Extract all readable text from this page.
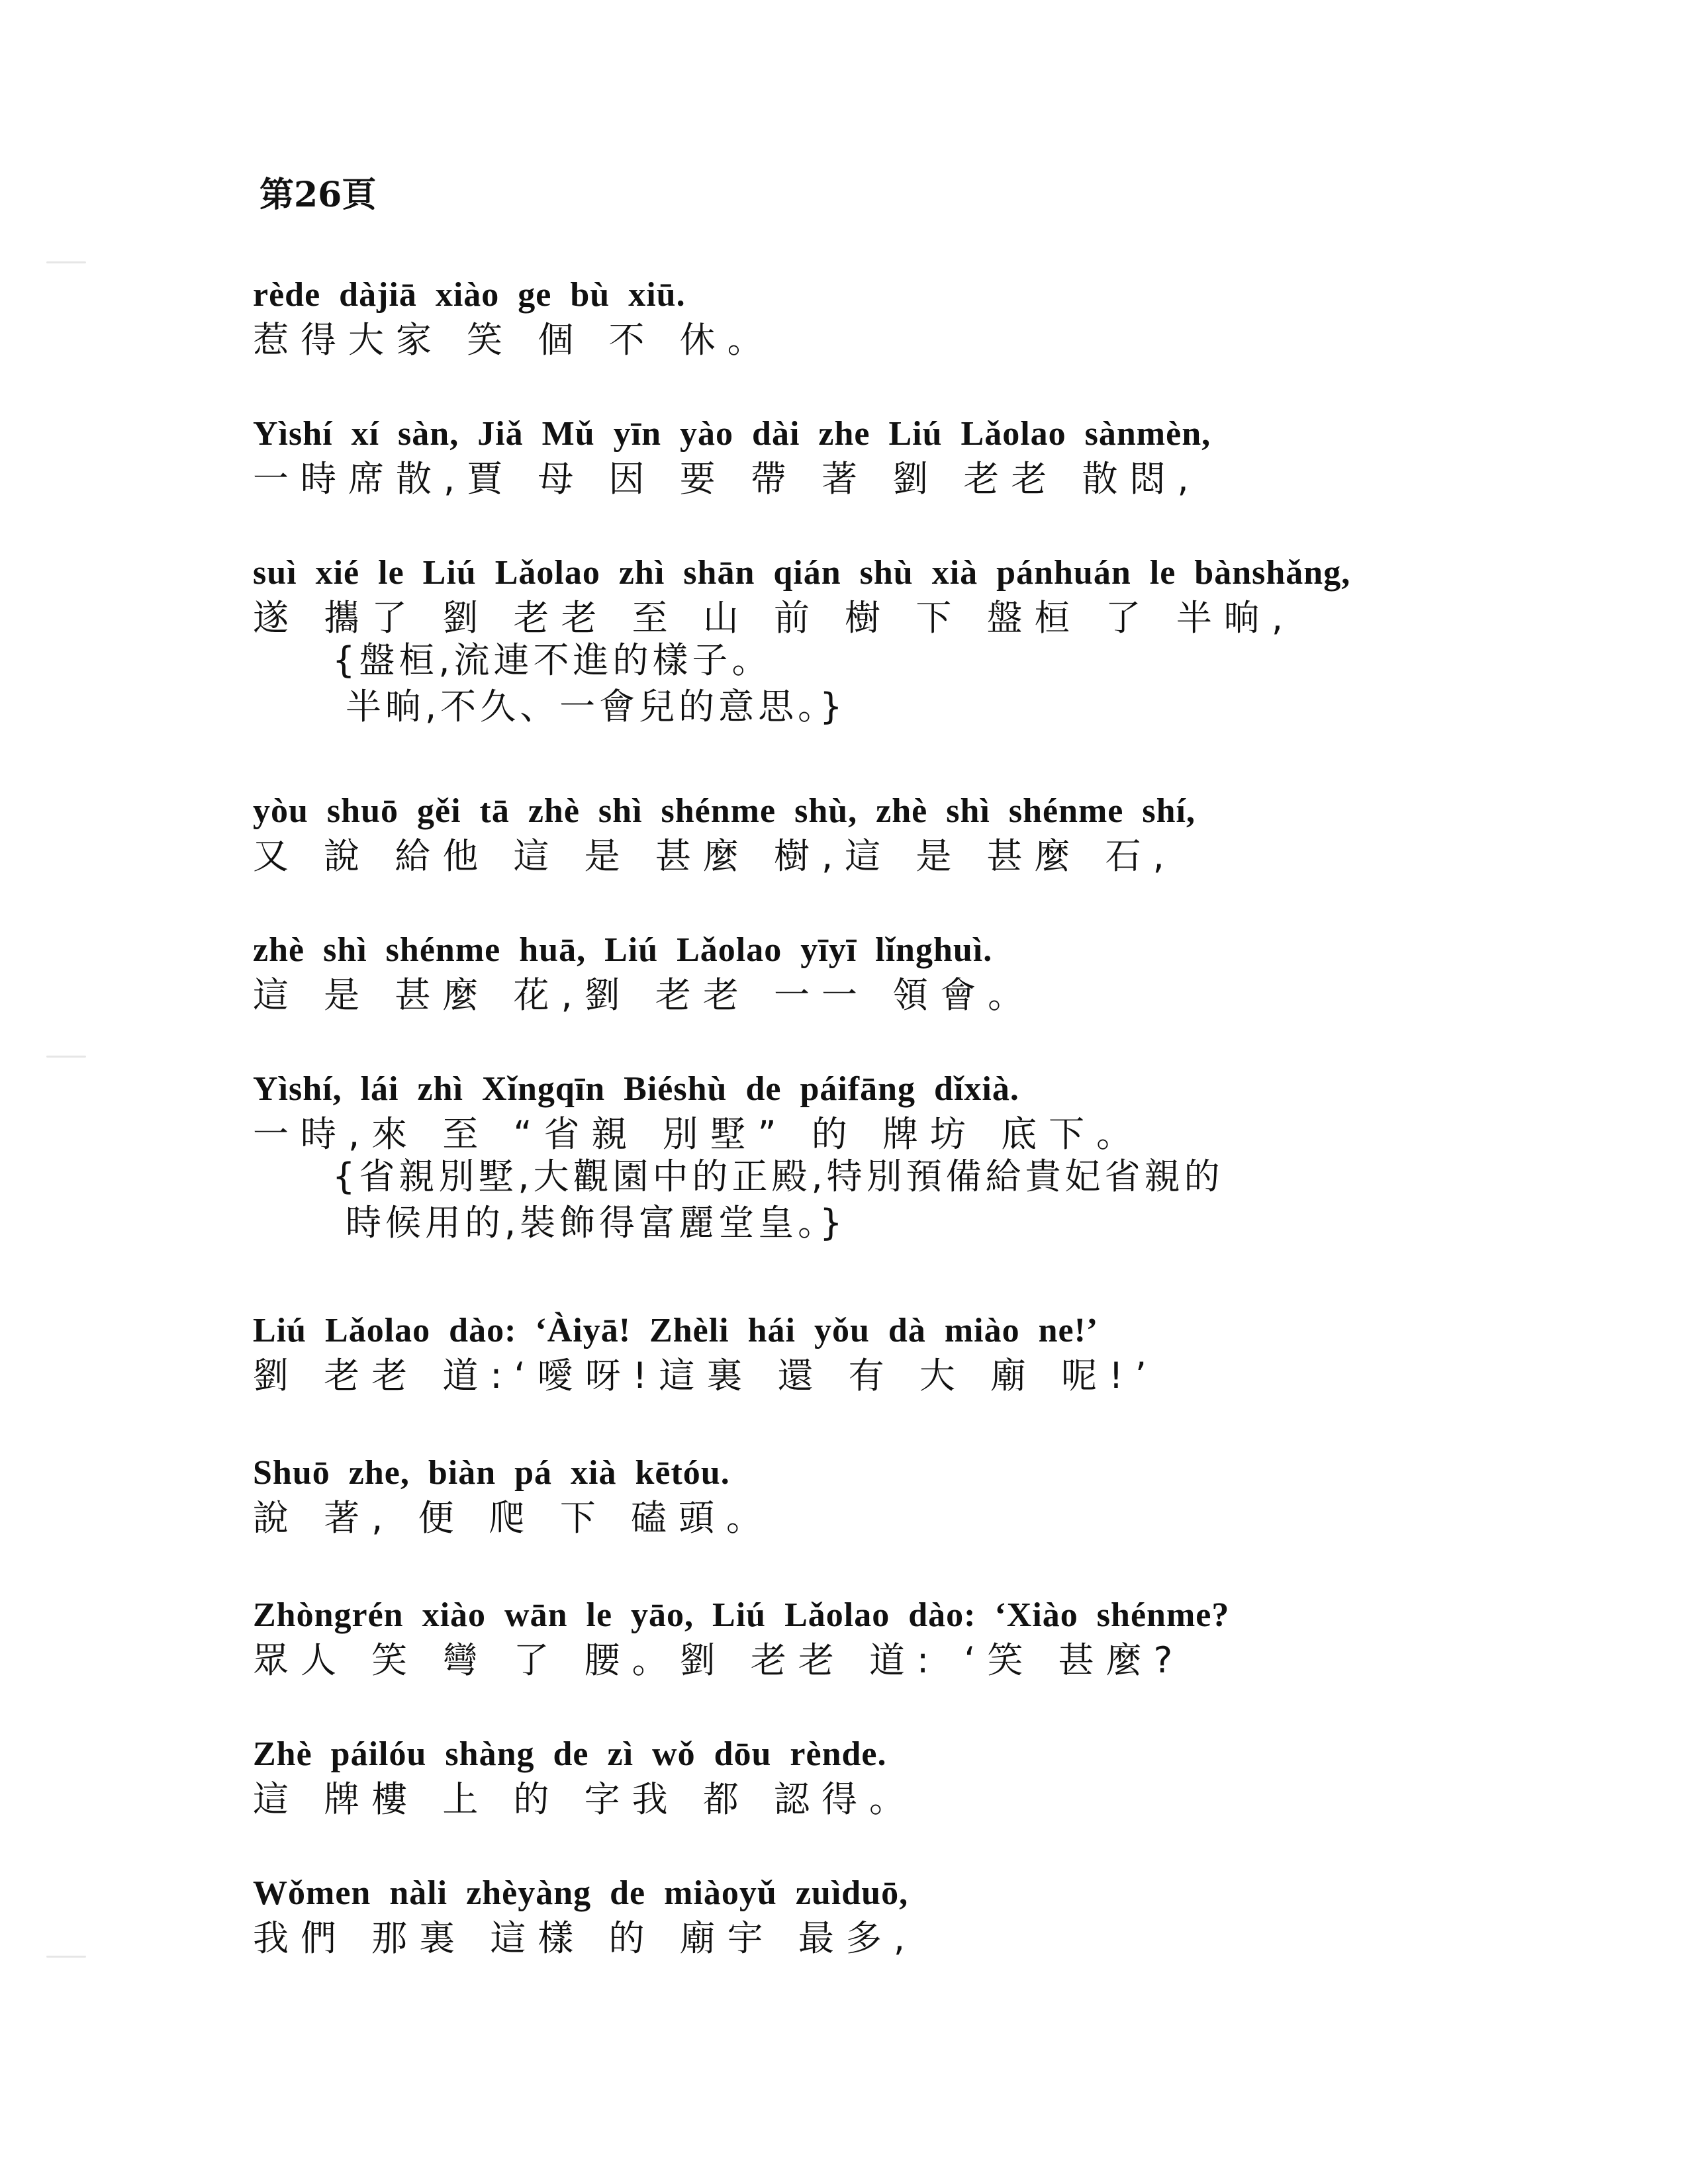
第26頁
rède dàjiā xiào ge bù xiū.
惹得大家 笑 個 不 休。
Yìshí xí sàn, Jiǎ Mǔ yīn yào dài zhe Liú Lǎolao sànmèn,
一時席散,賈 母 因 要 帶 著 劉 老老 散悶,
suì xié le Liú Lǎolao zhì shān qián shù xià pánhuán le bànshǎng,
遂 攜了 劉 老老 至 山 前 樹 下 盤桓 了 半晌,
{盤桓,流連不進的樣子。
半晌,不久、一會兒的意思。}
yòu shuō gěi tā zhè shì shénme shù, zhè shì shénme shí,
又 說 給他 這 是 甚麼 樹,這 是 甚麼 石,
zhè shì shénme huā, Liú Lǎolao yīyī lǐnghuì.
這 是 甚麼 花,劉 老老 一一 領會。
Yìshí, lái zhì Xǐngqīn Biéshù de páifāng dǐxià.
一時,來 至 “省親 別墅” 的 牌坊 底下。
{省親別墅,大觀園中的正殿,特別預備給貴妃省親的
時候用的,裝飾得富麗堂皇。}
Liú Lǎolao dào: ‘Àiyā! Zhèli hái yǒu dà miào ne!’
劉 老老 道:‘噯呀!這裏 還 有 大 廟 呢!’
Shuō zhe, biàn pá xià kētóu.
說 著, 便 爬 下 磕頭。
Zhòngrén xiào wān le yāo, Liú Lǎolao dào: ‘Xiào shénme?
眾人 笑 彎 了 腰。劉 老老 道: ‘笑 甚麼?
Zhè páilóu shàng de zì wǒ dōu rènde.
這 牌樓 上 的 字我 都 認得。
Wǒmen nàli zhèyàng de miàoyǔ zuìduō,
我們 那裏 這樣 的 廟宇 最多,
